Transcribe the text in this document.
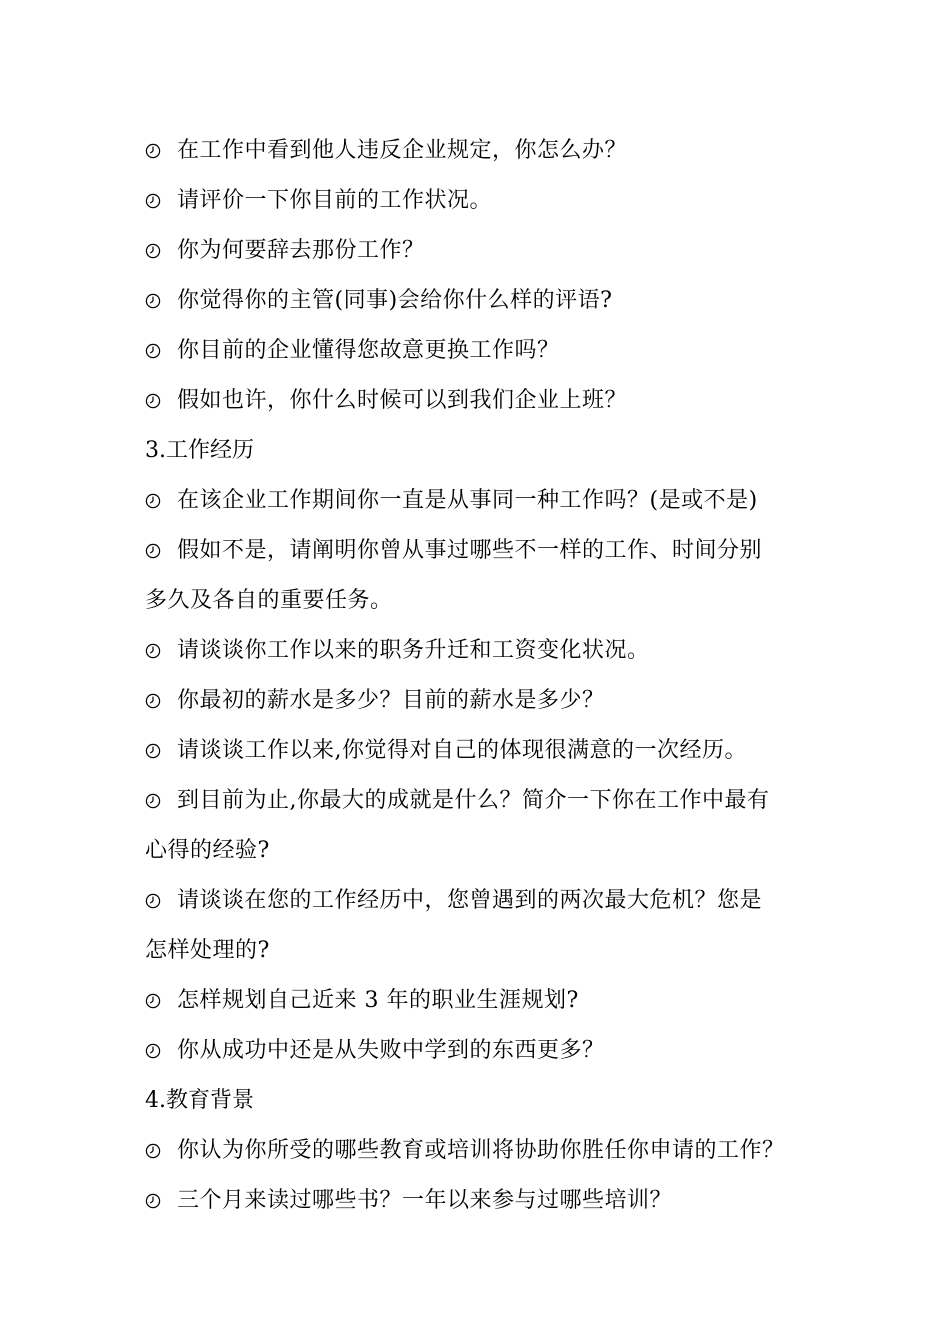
在工作中看到他人违反企业规定，你怎么办？
请评价一下你目前的工作状况。
你为何要辞去那份工作？
你觉得你的主管(同事)会给你什么样的评语?
你目前的企业懂得您故意更换工作吗？
假如也许，你什么时候可以到我们企业上班？
3.工作经历
在该企业工作期间你一直是从事同一种工作吗？(是或不是)
假如不是，请阐明你曾从事过哪些不一样的工作、时间分别
多久及各自的重要任务。
请谈谈你工作以来的职务升迁和工资变化状况。
你最初的薪水是多少？目前的薪水是多少？
请谈谈工作以来,你觉得对自己的体现很满意的一次经历。
到目前为止,你最大的成就是什么？简介一下你在工作中最有
心得的经验?
请谈谈在您的工作经历中，您曾遇到的两次最大危机？您是
怎样处理的?
怎样规划自己近来 3 年的职业生涯规划?
你从成功中还是从失败中学到的东西更多？
4.教育背景
你认为你所受的哪些教育或培训将协助你胜任你申请的工作？
三个月来读过哪些书？一年以来参与过哪些培训？
